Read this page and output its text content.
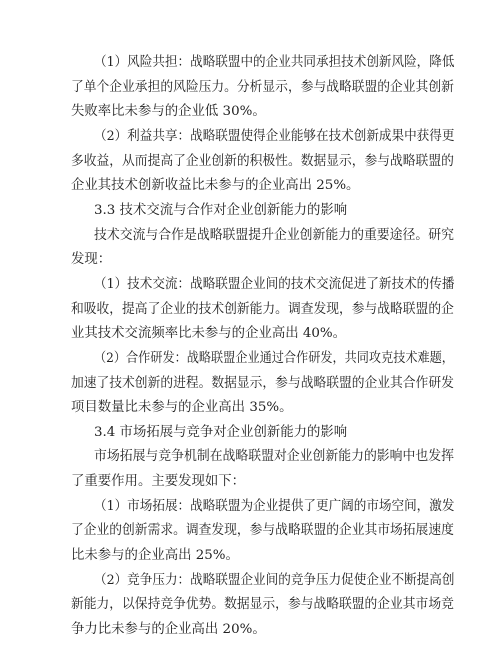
（1）风险共担：战略联盟中的企业共同承担技术创新风险，降低
了单个企业承担的风险压力。分析显示，参与战略联盟的企业其创新
失败率比未参与的企业低 30%。
（2）利益共享：战略联盟使得企业能够在技术创新成果中获得更
多收益，从而提高了企业创新的积极性。数据显示，参与战略联盟的
企业其技术创新收益比未参与的企业高出 25%。
3.3 技术交流与合作对企业创新能力的影响
技术交流与合作是战略联盟提升企业创新能力的重要途径。研究
发现：
（1）技术交流：战略联盟企业间的技术交流促进了新技术的传播
和吸收，提高了企业的技术创新能力。调查发现，参与战略联盟的企
业其技术交流频率比未参与的企业高出 40%。
（2）合作研发：战略联盟企业通过合作研发，共同攻克技术难题，
加速了技术创新的进程。数据显示，参与战略联盟的企业其合作研发
项目数量比未参与的企业高出 35%。
3.4 市场拓展与竞争对企业创新能力的影响
市场拓展与竞争机制在战略联盟对企业创新能力的影响中也发挥
了重要作用。主要发现如下：
（1）市场拓展：战略联盟为企业提供了更广阔的市场空间，激发
了企业的创新需求。调查发现，参与战略联盟的企业其市场拓展速度
比未参与的企业高出 25%。
（2）竞争压力：战略联盟企业间的竞争压力促使企业不断提高创
新能力，以保持竞争优势。数据显示，参与战略联盟的企业其市场竞
争力比未参与的企业高出 20%。
